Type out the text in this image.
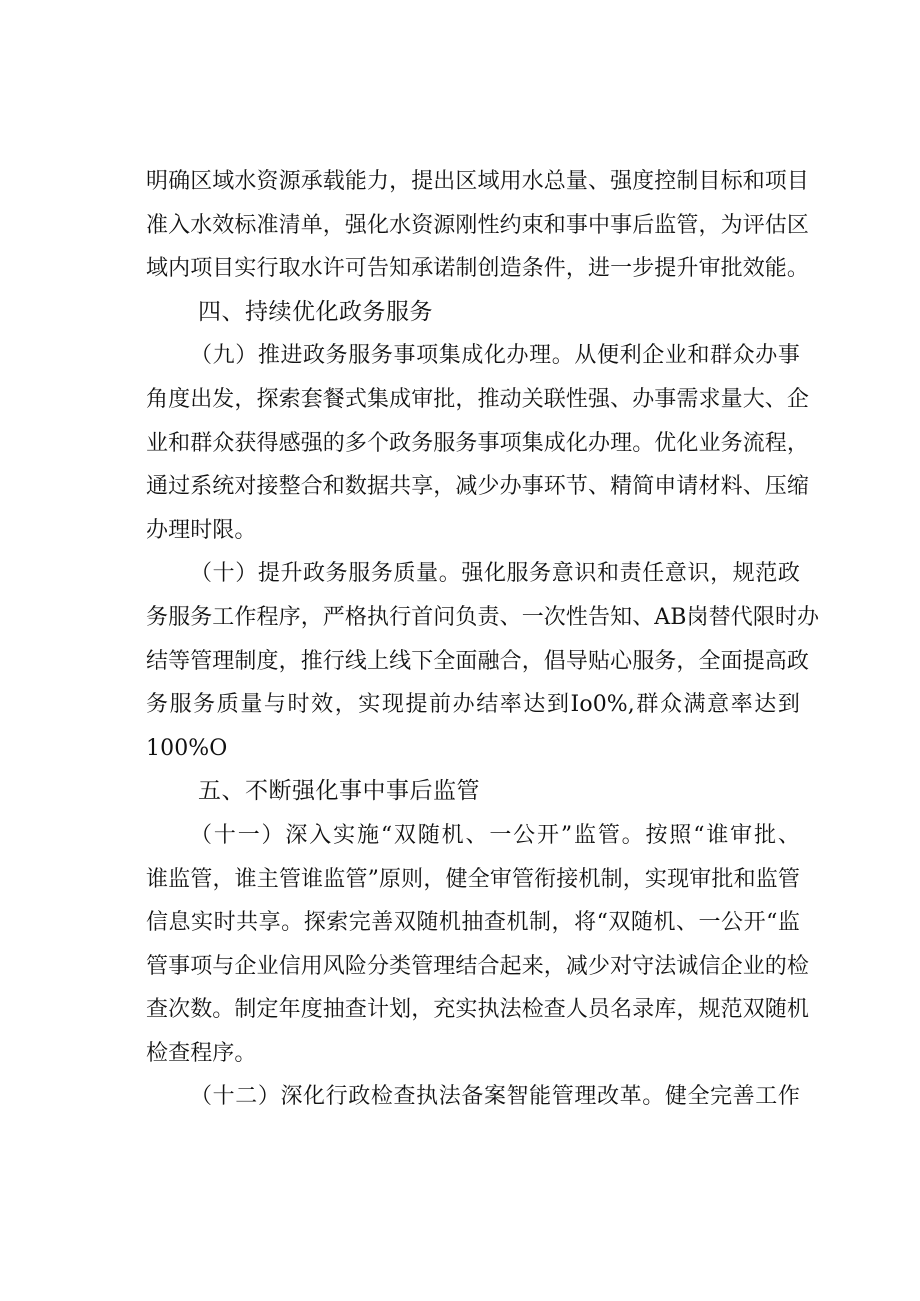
明确区域水资源承载能力，提出区域用水总量、强度控制目标和项目
准入水效标准清单，强化水资源刚性约束和事中事后监管，为评估区
域内项目实行取水许可告知承诺制创造条件，进一步提升审批效能。
四、持续优化政务服务
（九）推进政务服务事项集成化办理。从便利企业和群众办事
角度出发，探索套餐式集成审批，推动关联性强、办事需求量大、企
业和群众获得感强的多个政务服务事项集成化办理。优化业务流程，
通过系统对接整合和数据共享，减少办事环节、精简申请材料、压缩
办理时限。
（十）提升政务服务质量。强化服务意识和责任意识，规范政
务服务工作程序，严格执行首问负责、一次性告知、AB岗替代限时办
结等管理制度，推行线上线下全面融合，倡导贴心服务，全面提高政
务服务质量与时效，实现提前办结率达到Io0%,群众满意率达到
100%O
五、不断强化事中事后监管
（十一）深入实施“双随机、一公开”监管。按照“谁审批、
谁监管，谁主管谁监管”原则，健全审管衔接机制，实现审批和监管
信息实时共享。探索完善双随机抽查机制，将“双随机、一公开“监
管事项与企业信用风险分类管理结合起来，减少对守法诚信企业的检
查次数。制定年度抽查计划，充实执法检查人员名录库，规范双随机
检查程序。
（十二）深化行政检查执法备案智能管理改革。健全完善工作
